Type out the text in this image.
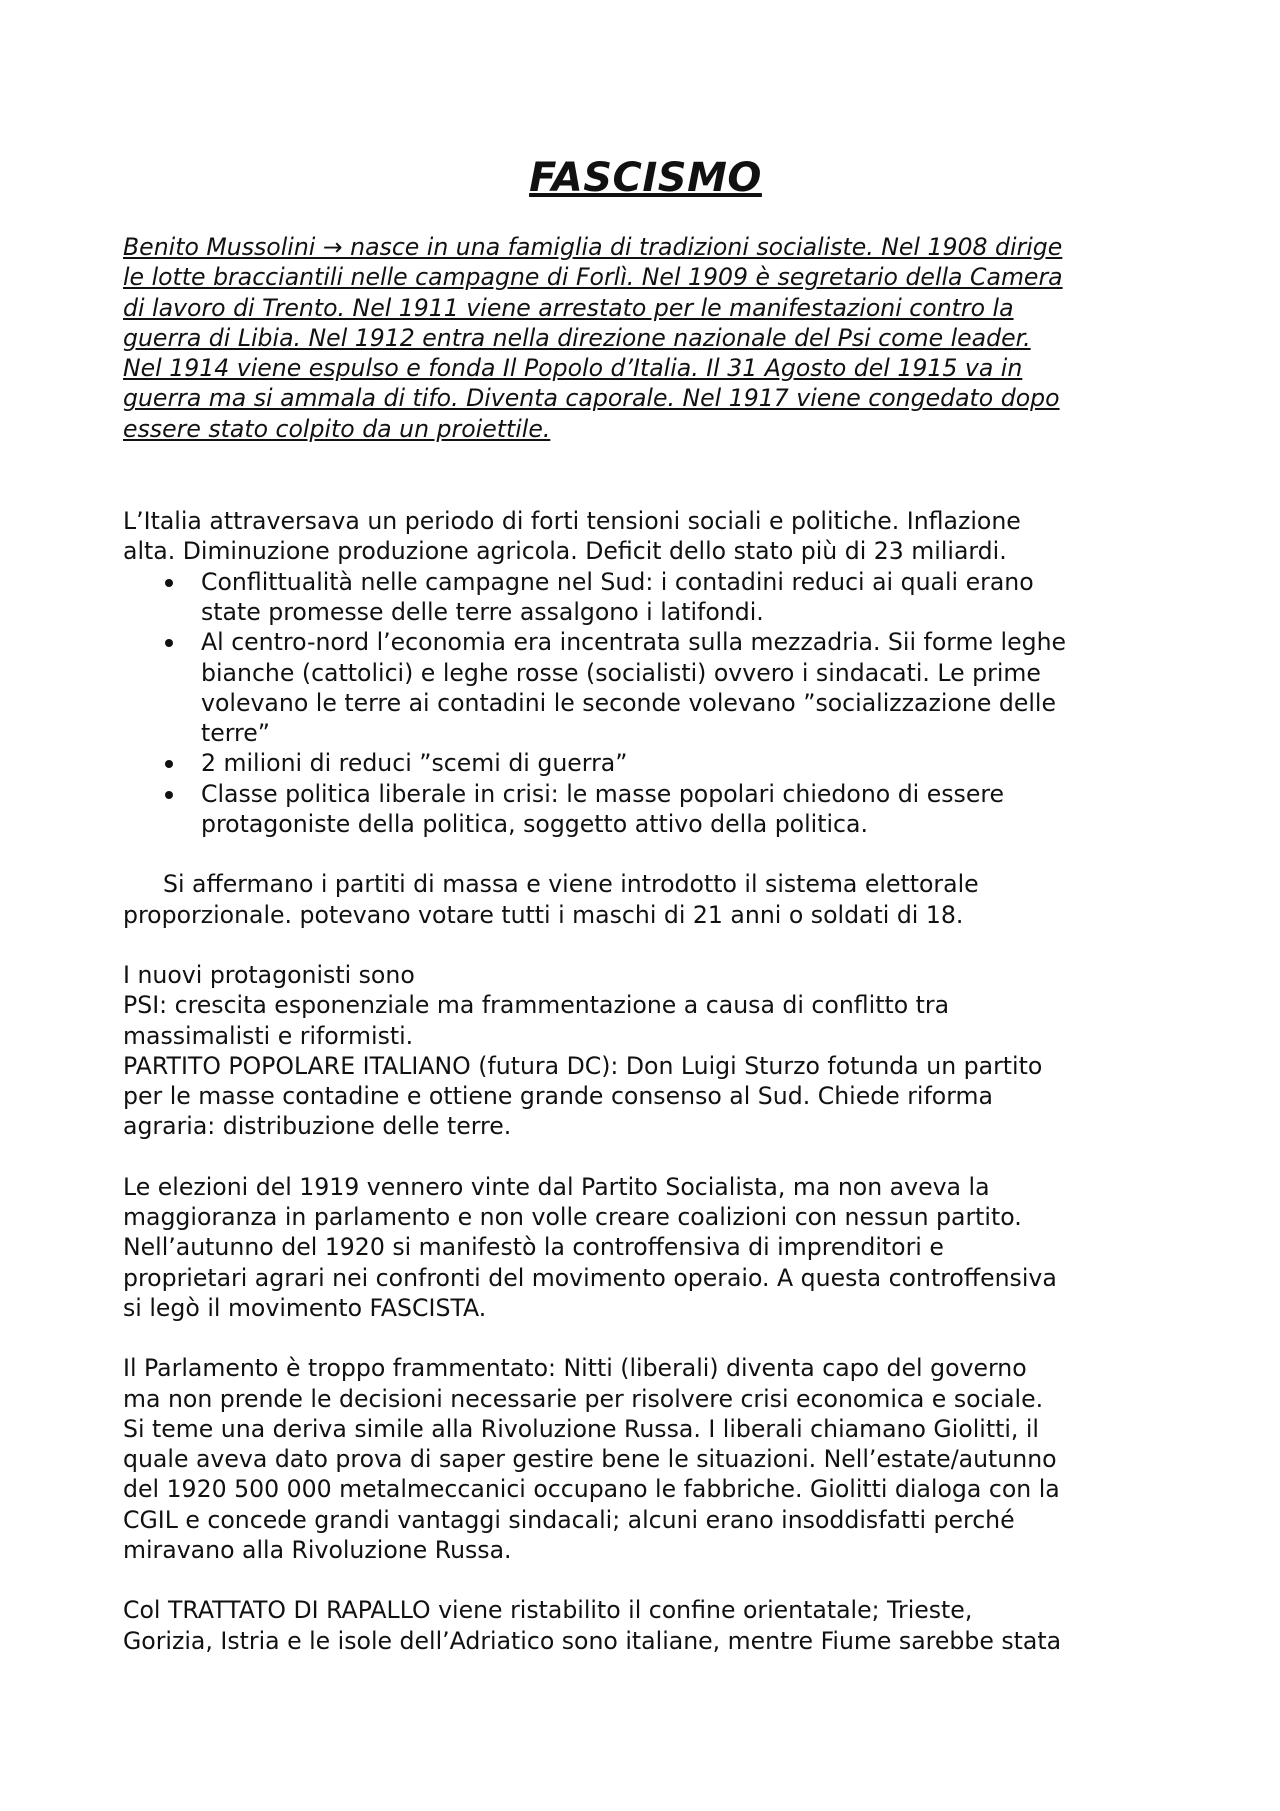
FASCISMO
Benito Mussolini → nasce in una famiglia di tradizioni socialiste. Nel 1908 dirige
le lotte bracciantili nelle campagne di Forlì. Nel 1909 è segretario della Camera
di lavoro di Trento. Nel 1911 viene arrestato per le manifestazioni contro la
guerra di Libia. Nel 1912 entra nella direzione nazionale del Psi come leader.
Nel 1914 viene espulso e fonda Il Popolo d’Italia. Il 31 Agosto del 1915 va in
guerra ma si ammala di tifo. Diventa caporale. Nel 1917 viene congedato dopo
essere stato colpito da un proiettile.
L’Italia attraversava un periodo di forti tensioni sociali e politiche. Inflazione
alta. Diminuzione produzione agricola. Deficit dello stato più di 23 miliardi.
Conflittualità nelle campagne nel Sud: i contadini reduci ai quali erano
state promesse delle terre assalgono i latifondi.
Al centro-nord l’economia era incentrata sulla mezzadria. Sii forme leghe
bianche (cattolici) e leghe rosse (socialisti) ovvero i sindacati. Le prime
volevano le terre ai contadini le seconde volevano ”socializzazione delle
terre”
2 milioni di reduci ”scemi di guerra”
Classe politica liberale in crisi: le masse popolari chiedono di essere
protagoniste della politica, soggetto attivo della politica.
Si affermano i partiti di massa e viene introdotto il sistema elettorale
proporzionale. potevano votare tutti i maschi di 21 anni o soldati di 18.
I nuovi protagonisti sono
PSI: crescita esponenziale ma frammentazione a causa di conflitto tra
massimalisti e riformisti.
PARTITO POPOLARE ITALIANO (futura DC): Don Luigi Sturzo fotunda un partito
per le masse contadine e ottiene grande consenso al Sud. Chiede riforma
agraria: distribuzione delle terre.
Le elezioni del 1919 vennero vinte dal Partito Socialista, ma non aveva la
maggioranza in parlamento e non volle creare coalizioni con nessun partito.
Nell’autunno del 1920 si manifestò la controffensiva di imprenditori e
proprietari agrari nei confronti del movimento operaio. A questa controffensiva
si legò il movimento FASCISTA.
Il Parlamento è troppo frammentato: Nitti (liberali) diventa capo del governo
ma non prende le decisioni necessarie per risolvere crisi economica e sociale.
Si teme una deriva simile alla Rivoluzione Russa. I liberali chiamano Giolitti, il
quale aveva dato prova di saper gestire bene le situazioni. Nell’estate/autunno
del 1920 500 000 metalmeccanici occupano le fabbriche. Giolitti dialoga con la
CGIL e concede grandi vantaggi sindacali; alcuni erano insoddisfatti perché
miravano alla Rivoluzione Russa.
Col TRATTATO DI RAPALLO viene ristabilito il confine orientatale; Trieste,
Gorizia, Istria e le isole dell’Adriatico sono italiane, mentre Fiume sarebbe stata
